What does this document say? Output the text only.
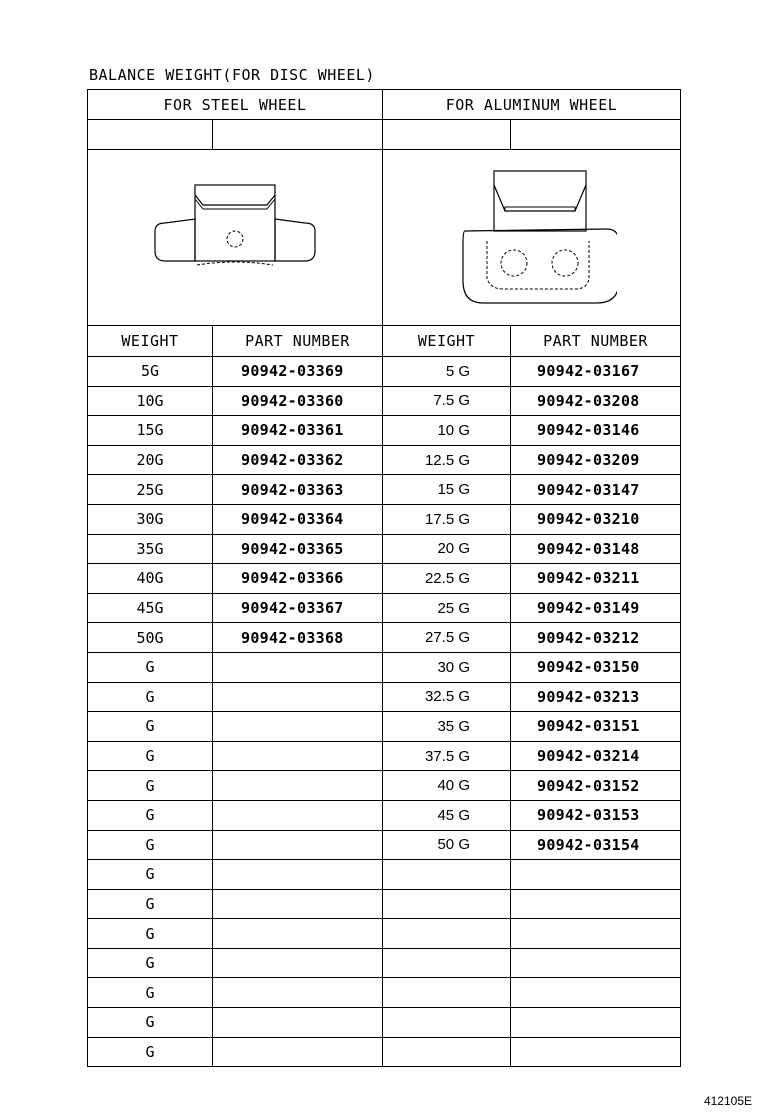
BALANCE WEIGHT(FOR DISC WHEEL)
FOR STEEL WHEEL		FOR ALUMINUM WHEEL	

WEIGHT	PART NUMBER	WEIGHT	PART NUMBER
5G	90942-03369	5 G	90942-03167
10G	90942-03360	7.5 G	90942-03208
15G	90942-03361	10 G	90942-03146
20G	90942-03362	12.5 G	90942-03209
25G	90942-03363	15 G	90942-03147
30G	90942-03364	17.5 G	90942-03210
35G	90942-03365	20 G	90942-03148
40G	90942-03366	22.5 G	90942-03211
45G	90942-03367	25 G	90942-03149
50G	90942-03368	27.5 G	90942-03212
G		30 G	90942-03150
G		32.5 G	90942-03213
G		35 G	90942-03151
G		37.5 G	90942-03214
G		40 G	90942-03152
G		45 G	90942-03153
G		50 G	90942-03154
G			
G			
G			
G			
G			
G			
G			
412105E
